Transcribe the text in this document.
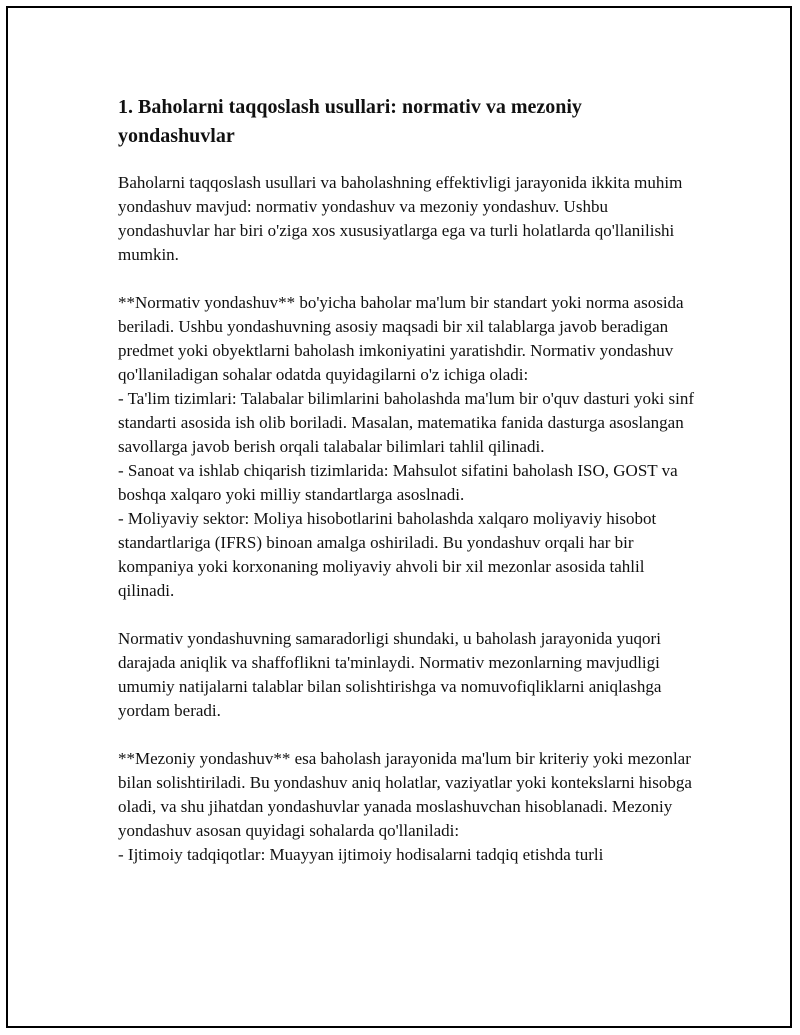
1. Baholarni taqqoslash usullari: normativ va mezoniy yondashuvlar

Baholarni taqqoslash usullari va baholashning effektivligi jarayonida ikkita muhim yondashuv mavjud: normativ yondashuv va mezoniy yondashuv. Ushbu yondashuvlar har biri o'ziga xos xususiyatlarga ega va turli holatlarda qo'llanilishi mumkin.

**Normativ yondashuv** bo'yicha baholar ma'lum bir standart yoki norma asosida beriladi. Ushbu yondashuvning asosiy maqsadi bir xil talablarga javob beradigan predmet yoki obyektlarni baholash imkoniyatini yaratishdir. Normativ yondashuv qo'llaniladigan sohalar odatda quyidagilarni o'z ichiga oladi:
- Ta'lim tizimlari: Talabalar bilimlarini baholashda ma'lum bir o'quv dasturi yoki sinf standarti asosida ish olib boriladi. Masalan, matematika fanida dasturga asoslangan savollarga javob berish orqali talabalar bilimlari tahlil qilinadi.
- Sanoat va ishlab chiqarish tizimlarida: Mahsulot sifatini baholash ISO, GOST va boshqa xalqaro yoki milliy standartlarga asoslnadi.
- Moliyaviy sektor: Moliya hisobotlarini baholashda xalqaro moliyaviy hisobot standartlariga (IFRS) binoan amalga oshiriladi. Bu yondashuv orqali har bir kompaniya yoki korxonaning moliyaviy ahvoli bir xil mezonlar asosida tahlil qilinadi.

Normativ yondashuvning samaradorligi shundaki, u baholash jarayonida yuqori darajada aniqlik va shaffoflikni ta'minlaydi. Normativ mezonlarning mavjudligi umumiy natijalarni talablar bilan solishtirishga va nomuvofiqliklarni aniqlashga yordam beradi.

**Mezoniy yondashuv** esa baholash jarayonida ma'lum bir kriteriy yoki mezonlar bilan solishtiriladi. Bu yondashuv aniq holatlar, vaziyatlar yoki kontekslarni hisobga oladi, va shu jihatdan yondashuvlar yanada moslashuvchan hisoblanadi. Mezoniy yondashuv asosan quyidagi sohalarda qo'llaniladi:
- Ijtimoiy tadqiqotlar: Muayyan ijtimoiy hodisalarni tadqiq etishda turli
